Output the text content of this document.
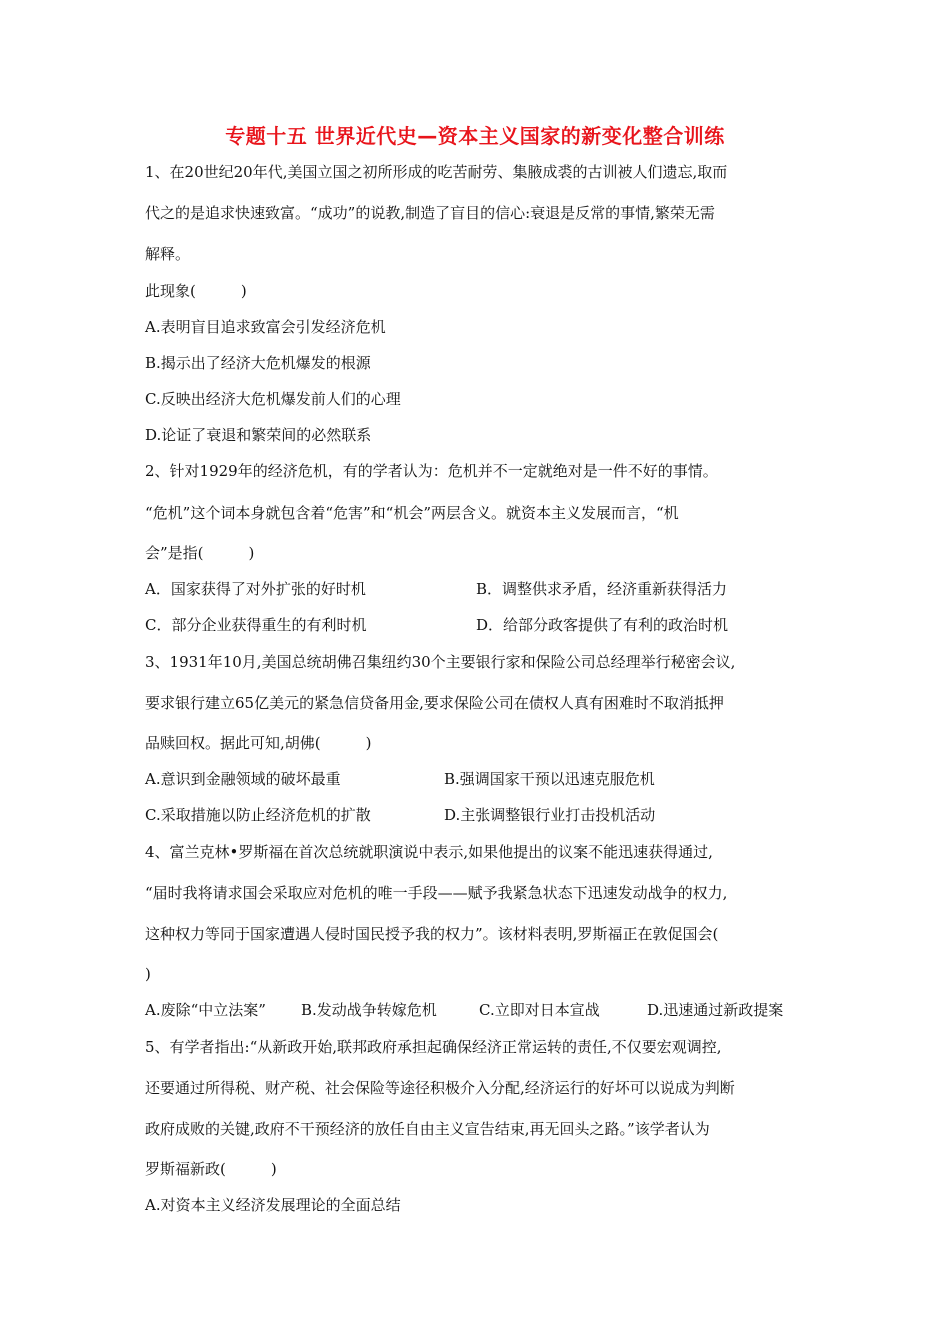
专题十五 世界近代史—资本主义国家的新变化整合训练
1、在20世纪20年代,美国立国之初所形成的吃苦耐劳、集腋成裘的古训被人们遗忘,取而
代之的是追求快速致富。“成功”的说教,制造了盲目的信心:衰退是反常的事情,繁荣无需
解释。
此现象(　　　)
A.表明盲目追求致富会引发经济危机
B.揭示出了经济大危机爆发的根源
C.反映出经济大危机爆发前人们的心理
D.论证了衰退和繁荣间的必然联系
2、针对1929年的经济危机，有的学者认为：危机并不一定就绝对是一件不好的事情。
“危机”这个词本身就包含着“危害”和“机会”两层含义。就资本主义发展而言，“机
会”是指(　　　)
A．国家获得了对外扩张的好时机	B．调整供求矛盾，经济重新获得活力
C．部分企业获得重生的有利时机	D．给部分政客提供了有利的政治时机
3、1931年10月,美国总统胡佛召集纽约30个主要银行家和保险公司总经理举行秘密会议,
要求银行建立65亿美元的紧急信贷备用金,要求保险公司在债权人真有困难时不取消抵押
品赎回权。据此可知,胡佛(　　　)
A.意识到金融领域的破坏最重	B.强调国家干预以迅速克服危机
C.采取措施以防止经济危机的扩散	D.主张调整银行业打击投机活动
4、富兰克林•罗斯福在首次总统就职演说中表示,如果他提出的议案不能迅速获得通过,
“届时我将请求国会采取应对危机的唯一手段——赋予我紧急状态下迅速发动战争的权力,
这种权力等同于国家遭遇人侵时国民授予我的权力”。该材料表明,罗斯福正在敦促国会(
)
A.废除“中立法案” B.发动战争转嫁危机	C.立即对日本宣战	D.迅速通过新政提案
5、有学者指出:“从新政开始,联邦政府承担起确保经济正常运转的责任,不仅要宏观调控,
还要通过所得税、财产税、社会保险等途径积极介入分配,经济运行的好坏可以说成为判断
政府成败的关键,政府不干预经济的放任自由主义宣告结束,再无回头之路。”该学者认为
罗斯福新政(　　　)
A.对资本主义经济发展理论的全面总结
